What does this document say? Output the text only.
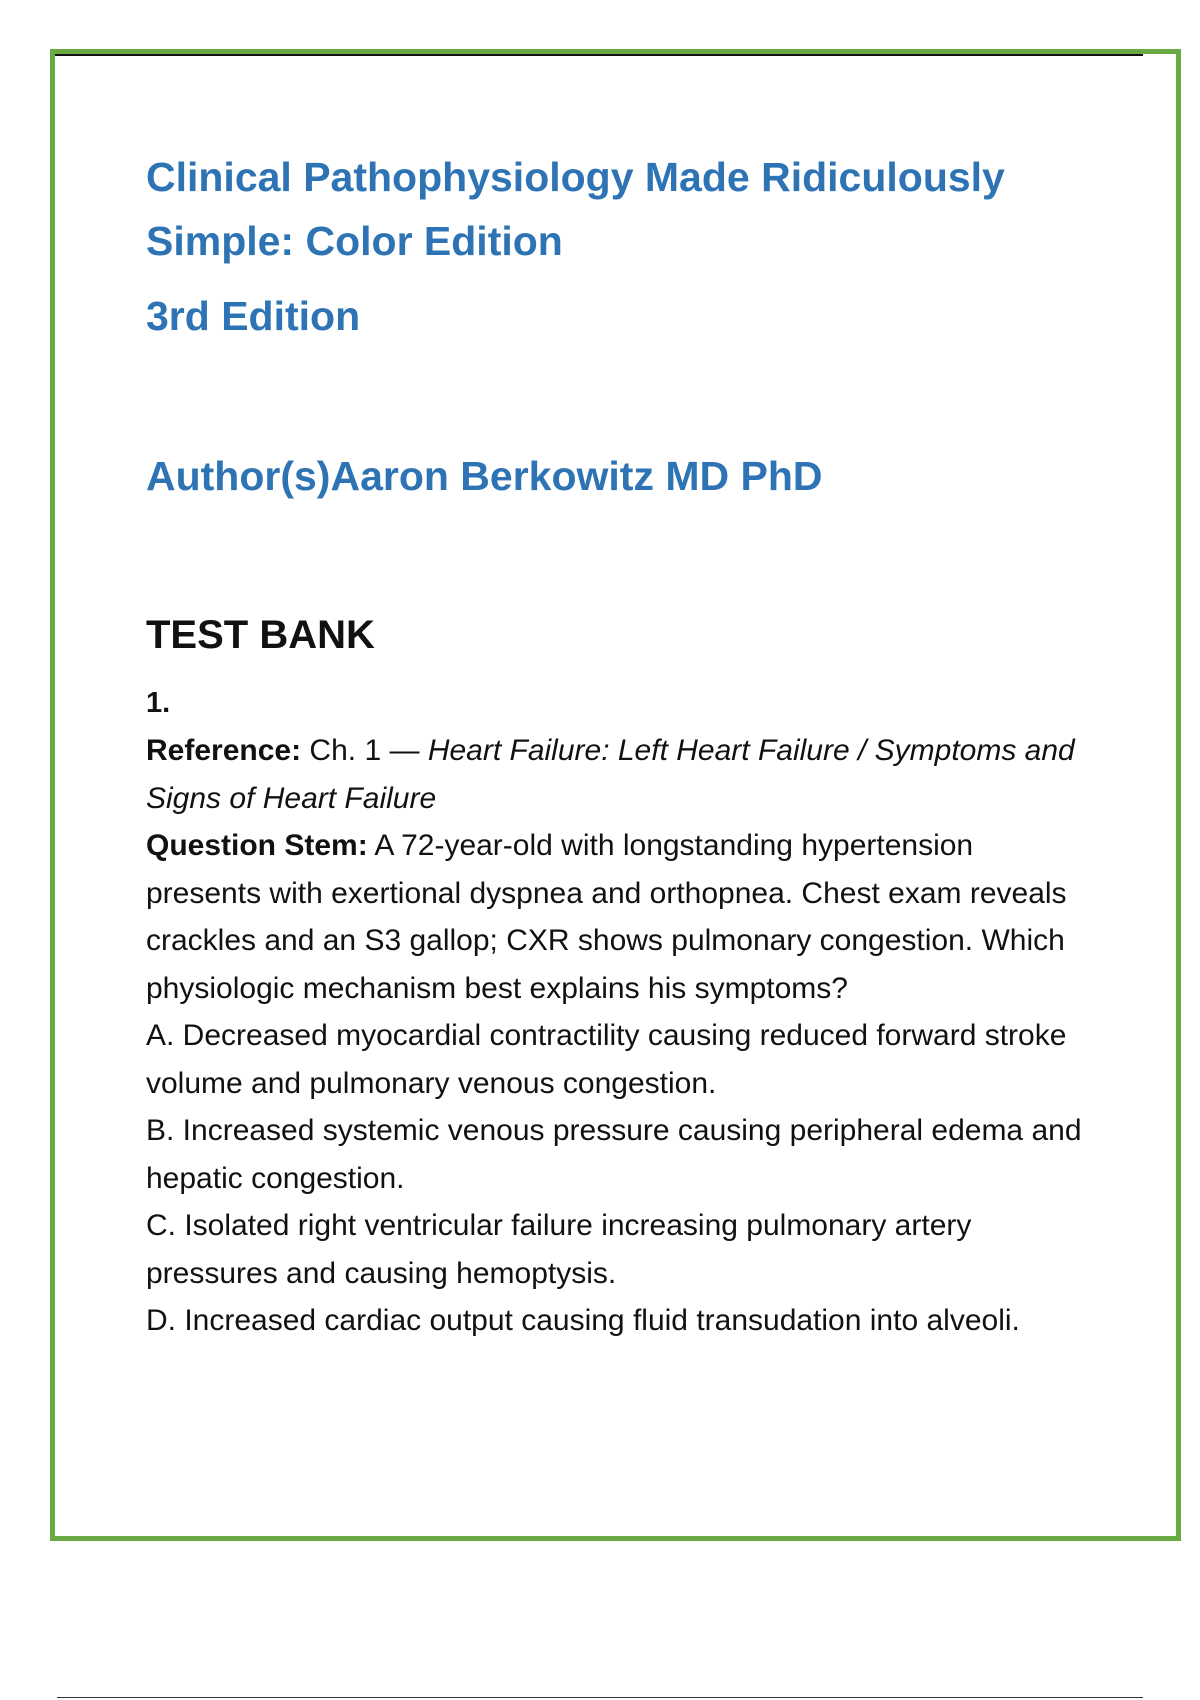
Clinical Pathophysiology Made Ridiculously Simple: Color Edition

3rd Edition

Author(s)Aaron Berkowitz MD PhD

TEST BANK

1.

Reference: Ch. 1 — Heart Failure: Left Heart Failure / Symptoms and Signs of Heart Failure

Question Stem: A 72-year-old with longstanding hypertension presents with exertional dyspnea and orthopnea. Chest exam reveals crackles and an S3 gallop; CXR shows pulmonary congestion. Which physiologic mechanism best explains his symptoms?

A. Decreased myocardial contractility causing reduced forward stroke volume and pulmonary venous congestion.

B. Increased systemic venous pressure causing peripheral edema and hepatic congestion.

C. Isolated right ventricular failure increasing pulmonary artery pressures and causing hemoptysis.

D. Increased cardiac output causing fluid transudation into alveoli.
